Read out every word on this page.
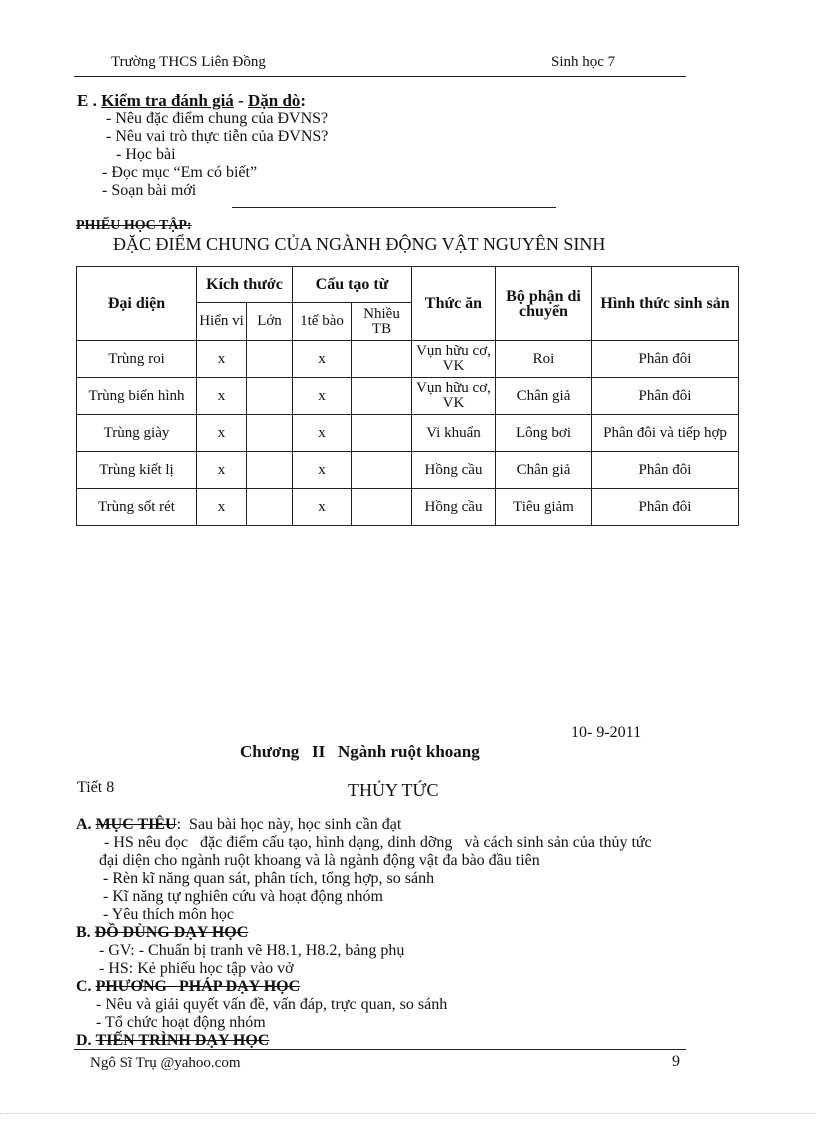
Trường THCS Liên Đồng	Sinh học 7
E . Kiểm tra đánh giá - Dặn dò:
- Nêu đặc điểm chung của ĐVNS?
- Nêu vai trò thực tiễn của ĐVNS?
- Học bài
- Đọc mục “Em có biết”
- Soạn bài mới
PHIẾU HỌC TẬP:
ĐẶC ĐIỂM CHUNG CỦA NGÀNH ĐỘNG VẬT NGUYÊN SINH
Đại diện	Kích thước		Cấu tạo từ		Thức ăn	Bộ phận di chuyển	Hình thức sinh sản
	Hiển vi	Lớn	1tế bào	Nhiều TB			
Trùng roi	x		x		Vụn hữu cơ, VK	Roi	Phân đôi
Trùng biến hình	x		x		Vụn hữu cơ, VK	Chân giả	Phân đôi
Trùng giày	x		x		Vi khuẩn	Lông bơi	Phân đôi và tiếp hợp
Trùng kiết lị	x		x		Hồng cầu	Chân giả	Phân đôi
Trùng sốt rét	x		x		Hồng cầu	Tiêu giảm	Phân đôi
10- 9-2011
Chương   II   Ngành ruột khoang
Tiết 8	THỦY TỨC
A. MỤC TIÊU:  Sau bài học này, học sinh cần đạt
- HS nêu đọc   đặc điểm cấu tạo, hình dạng, dinh dỡng   và cách sinh sản của thủy tức
đại diện cho ngành ruột khoang và là ngành động vật đa bào đầu tiên
- Rèn kĩ năng quan sát, phân tích, tổng hợp, so sánh
- Kĩ năng tự nghiên cứu và hoạt động nhóm
- Yêu thích môn học
B. ĐỒ DÙNG DẠY HỌC
- GV: - Chuẩn bị tranh vẽ H8.1, H8.2, bảng phụ
- HS: Kẻ phiếu học tập vào vở
C. PHƯƠNG   PHÁP DẠY HỌC
- Nêu và giải quyết vấn đề, vấn đáp, trực quan, so sánh
- Tổ chức hoạt động nhóm
D. TIẾN TRÌNH DẠY HỌC
Ngô Sĩ Trụ @yahoo.com	9
